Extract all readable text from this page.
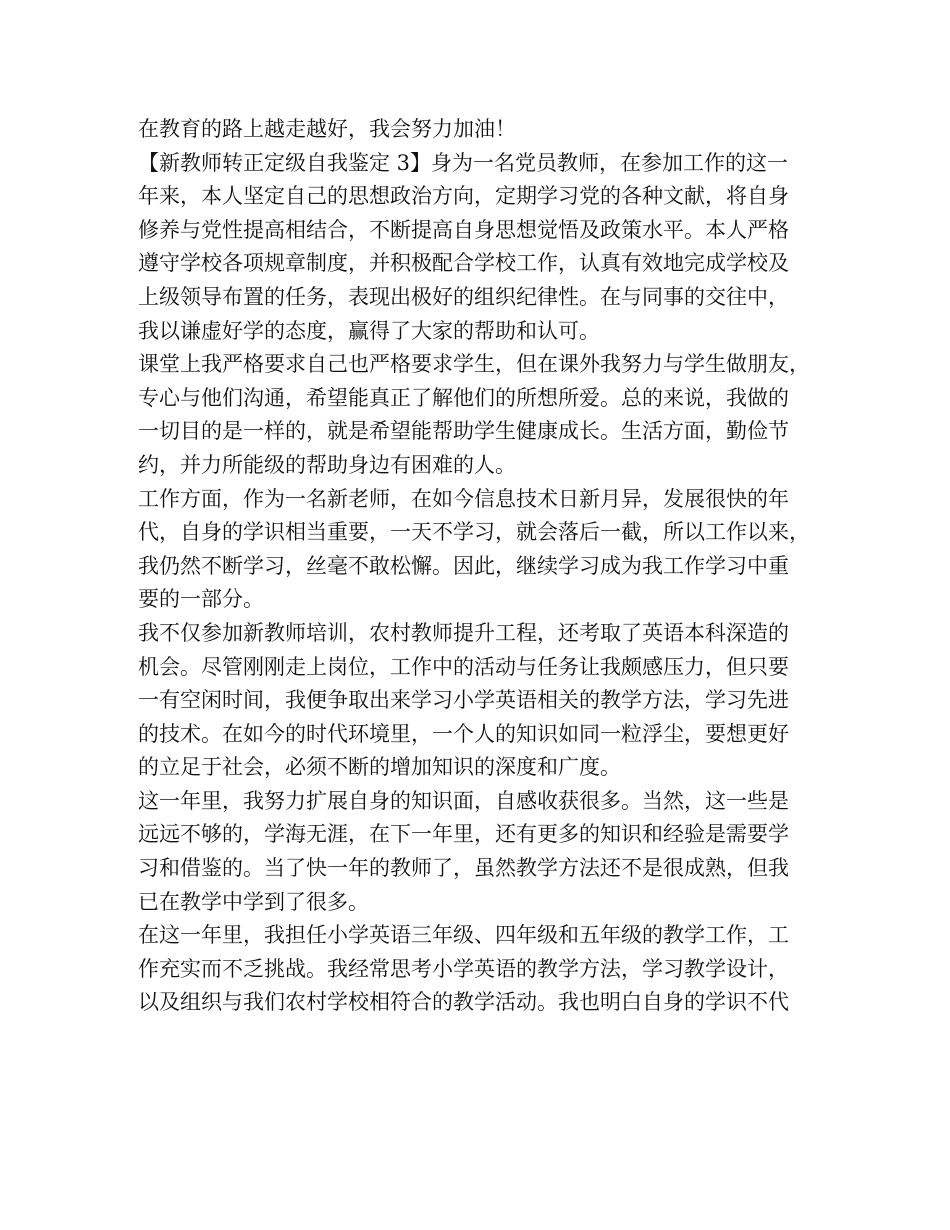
在教育的路上越走越好，我会努力加油！
【新教师转正定级自我鉴定 3】身为一名党员教师，在参加工作的这一
年来，本人坚定自己的思想政治方向，定期学习党的各种文献，将自身
修养与党性提高相结合，不断提高自身思想觉悟及政策水平。本人严格
遵守学校各项规章制度，并积极配合学校工作，认真有效地完成学校及
上级领导布置的任务，表现出极好的组织纪律性。在与同事的交往中，
我以谦虚好学的态度，赢得了大家的帮助和认可。
课堂上我严格要求自己也严格要求学生，但在课外我努力与学生做朋友，
专心与他们沟通，希望能真正了解他们的所想所爱。总的来说，我做的
一切目的是一样的，就是希望能帮助学生健康成长。生活方面，勤俭节
约，并力所能级的帮助身边有困难的人。
工作方面，作为一名新老师，在如今信息技术日新月异，发展很快的年
代，自身的学识相当重要，一天不学习，就会落后一截，所以工作以来，
我仍然不断学习，丝毫不敢松懈。因此，继续学习成为我工作学习中重
要的一部分。
我不仅参加新教师培训，农村教师提升工程，还考取了英语本科深造的
机会。尽管刚刚走上岗位，工作中的活动与任务让我颇感压力，但只要
一有空闲时间，我便争取出来学习小学英语相关的教学方法，学习先进
的技术。在如今的时代环境里，一个人的知识如同一粒浮尘，要想更好
的立足于社会，必须不断的增加知识的深度和广度。
这一年里，我努力扩展自身的知识面，自感收获很多。当然，这一些是
远远不够的，学海无涯，在下一年里，还有更多的知识和经验是需要学
习和借鉴的。当了快一年的教师了，虽然教学方法还不是很成熟，但我
已在教学中学到了很多。
在这一年里，我担任小学英语三年级、四年级和五年级的教学工作，工
作充实而不乏挑战。我经常思考小学英语的教学方法，学习教学设计，
以及组织与我们农村学校相符合的教学活动。我也明白自身的学识不代
